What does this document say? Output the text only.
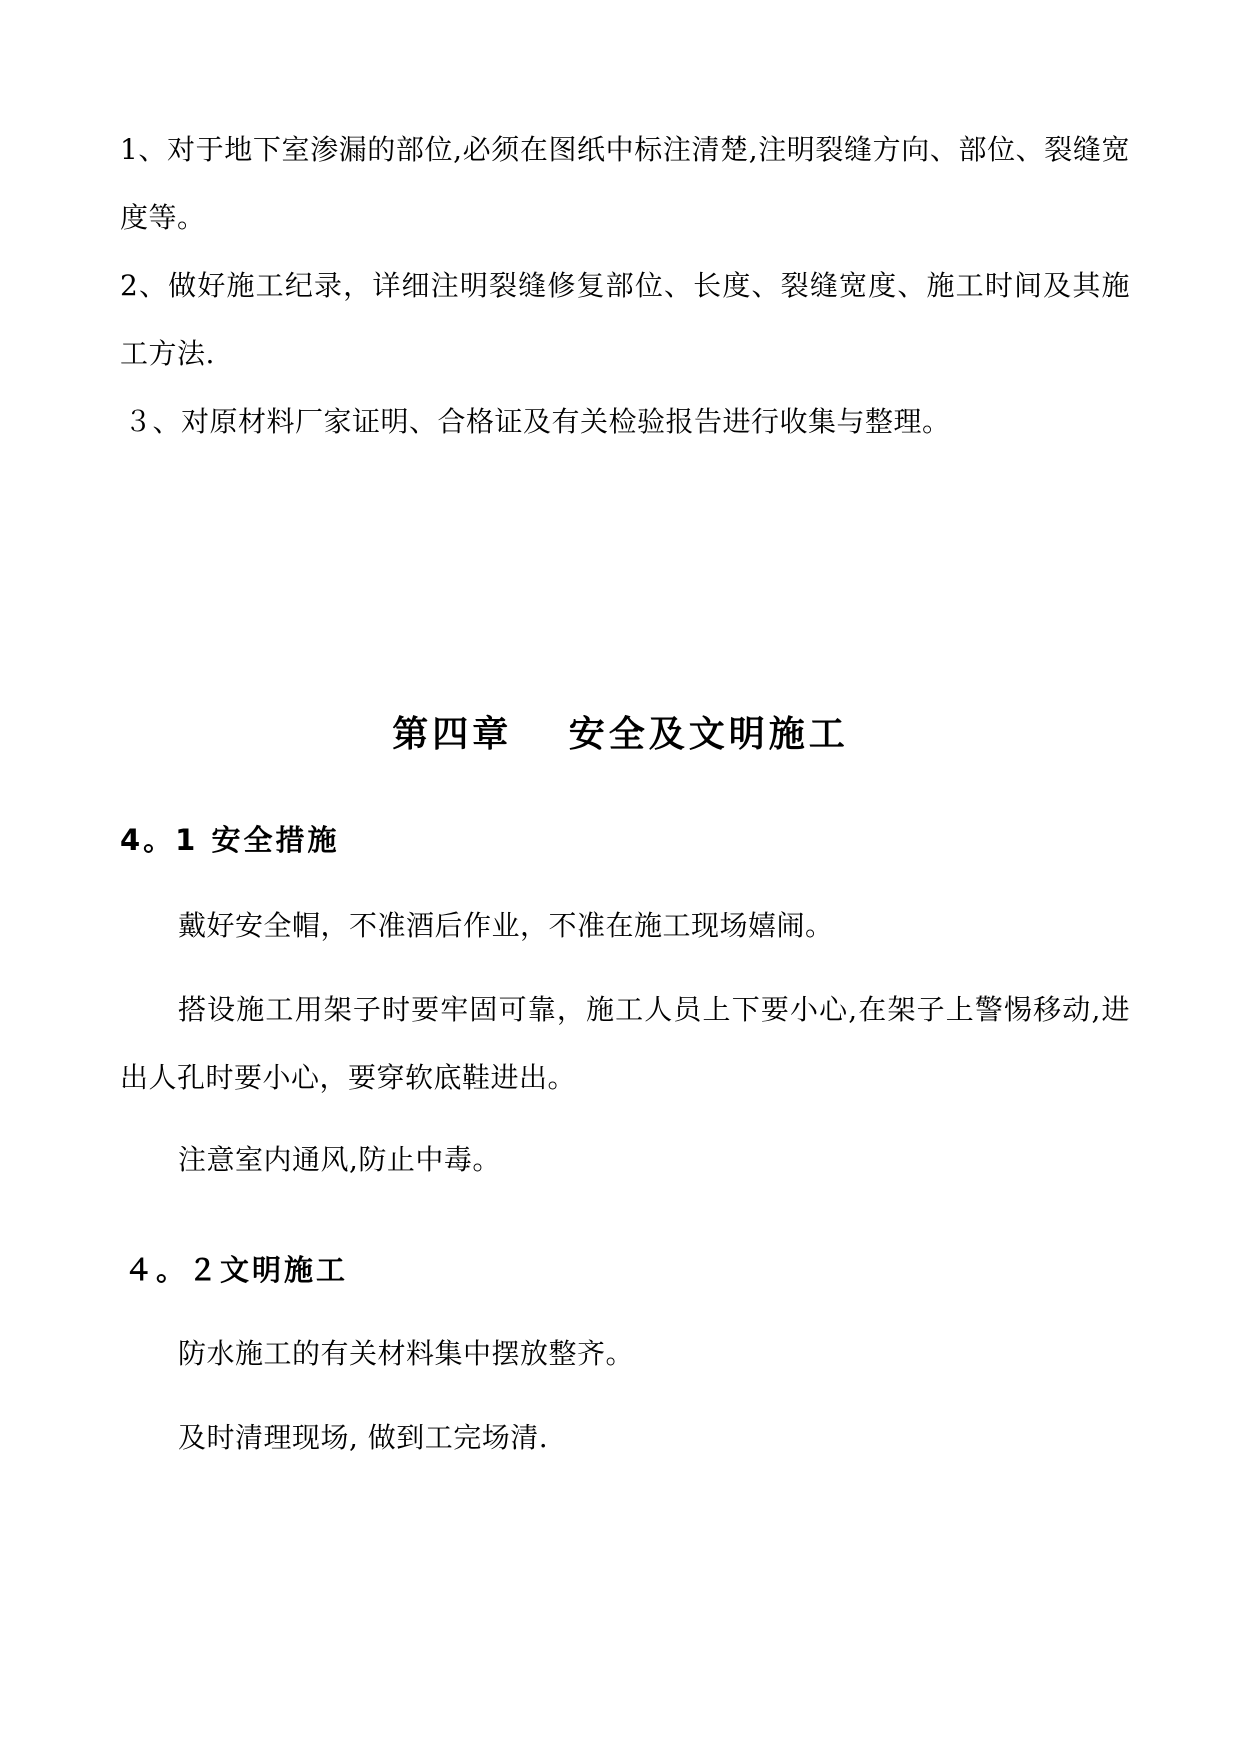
1、对于地下室渗漏的部位,必须在图纸中标注清楚,注明裂缝方向、部位、裂缝宽度等。

2、做好施工纪录，详细注明裂缝修复部位、长度、裂缝宽度、施工时间及其施工方法.

３、对原材料厂家证明、合格证及有关检验报告进行收集与整理。

第四章　 安全及文明施工
4。1 安全措施

戴好安全帽，不准酒后作业，不准在施工现场嬉闹。

搭设施工用架子时要牢固可靠，施工人员上下要小心,在架子上警惕移动,进出人孔时要小心，要穿软底鞋进出。

注意室内通风,防止中毒。

４。２文明施工

防水施工的有关材料集中摆放整齐。

及时清理现场, 做到工完场清.
